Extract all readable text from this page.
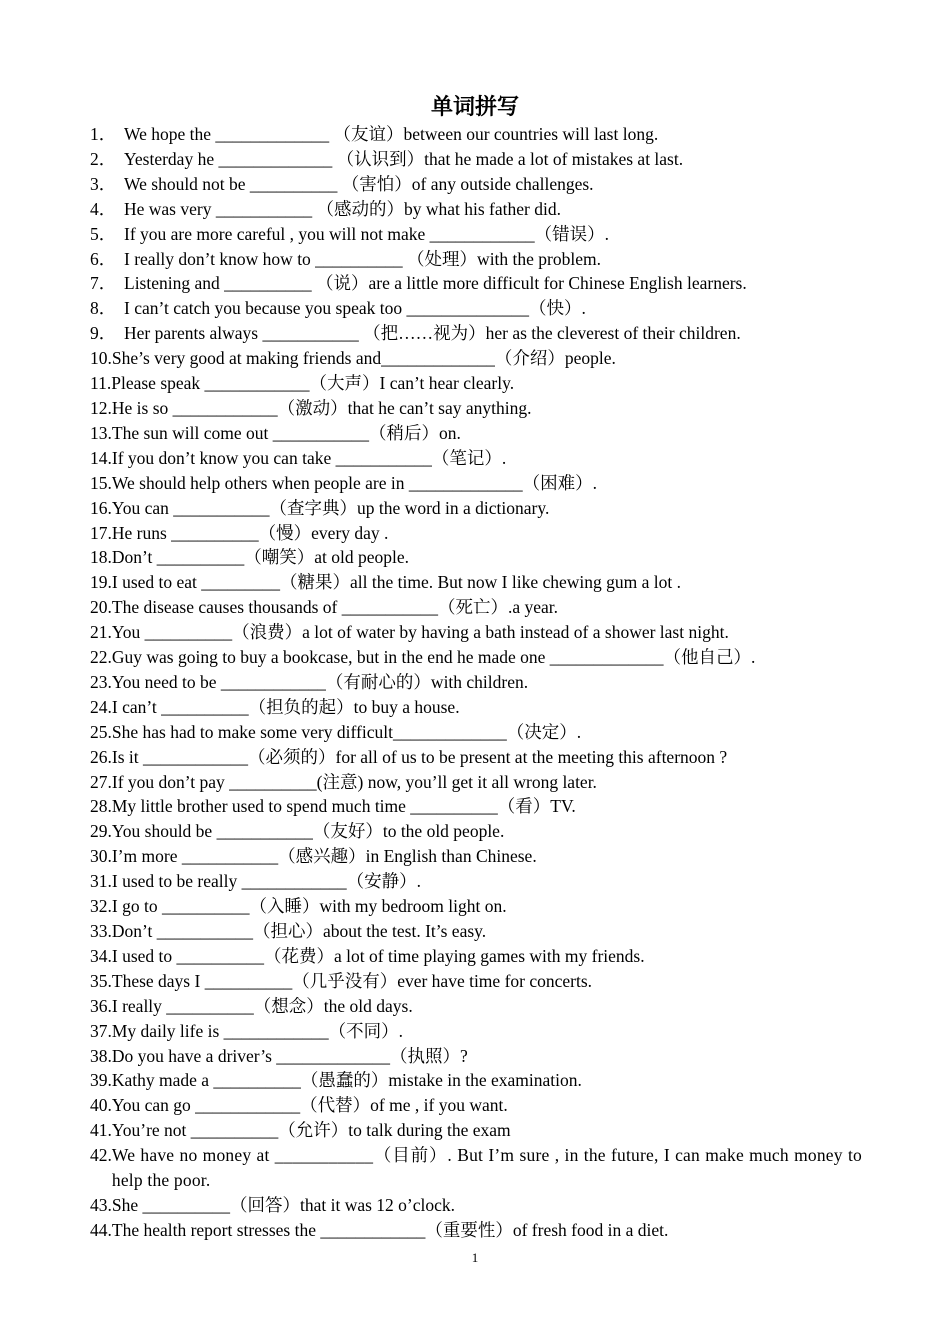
单词拼写
1． We hope the _____________ （友谊）between our countries will last long.
2． Yesterday he _____________ （认识到）that he made a lot of mistakes at last.
3． We should not be __________ （害怕）of any outside challenges.
4． He was very ___________ （感动的）by what his father did.
5． If you are more careful , you will not make ____________（错误）.
6． I really don’t know how to __________ （处理）with the problem.
7． Listening and __________ （说）are a little more difficult for Chinese English learners.
8． I can’t catch you because you speak too ______________（快）.
9． Her parents always ___________ （把……视为）her as the cleverest of their children.
10. She’s very good at making friends and_____________（介绍）people.
11. Please speak ____________（大声）I can’t hear clearly.
12. He is so ____________（激动）that he can’t say anything.
13. The sun will come out ___________（稍后）on.
14. If you don’t know you can take ___________（笔记）.
15. We should help others when people are in _____________（困难）.
16. You can ___________（查字典）up the word in a dictionary.
17. He runs __________（慢）every day .
18. Don’t __________（嘲笑）at old people.
19. I used to eat _________（糖果）all the time. But now I like chewing gum a lot .
20. The disease causes thousands of ___________（死亡）.a year.
21. You __________（浪费）a lot of water by having a bath instead of a shower last night.
22. Guy was going to buy a bookcase, but in the end he made one _____________（他自己）.
23. You need to be ____________（有耐心的）with children.
24. I can’t __________（担负的起）to buy a house.
25. She has had to make some very difficult_____________（决定）.
26. Is it ____________（必须的）for all of us to be present at the meeting this afternoon ?
27. If you don’t pay __________(注意) now, you’ll get it all wrong later.
28. My little brother used to spend much time __________（看）TV.
29. You should be ___________（友好）to the old people.
30. I’m more ___________（感兴趣）in English than Chinese.
31. I used to be really ____________（安静）.
32. I go to __________（入睡）with my bedroom light on.
33. Don’t ___________（担心）about the test. It’s easy.
34. I used to __________（花费）a lot of time playing games with my friends.
35. These days I __________（几乎没有）ever have time for concerts.
36. I really __________（想念）the old days.
37. My daily life is ____________（不同）.
38. Do you have a driver’s _____________（执照）?
39. Kathy made a __________（愚蠢的）mistake in the examination.
40. You can go ____________（代替）of me , if you want.
41. You’re not __________（允许）to talk during the exam
42. We have no money at ___________（目前）. But I’m sure , in the future, I can make much money to help the poor.
43. She __________（回答）that it was 12 o’clock.
44. The health report stresses the ____________（重要性）of fresh food in a diet.
1
